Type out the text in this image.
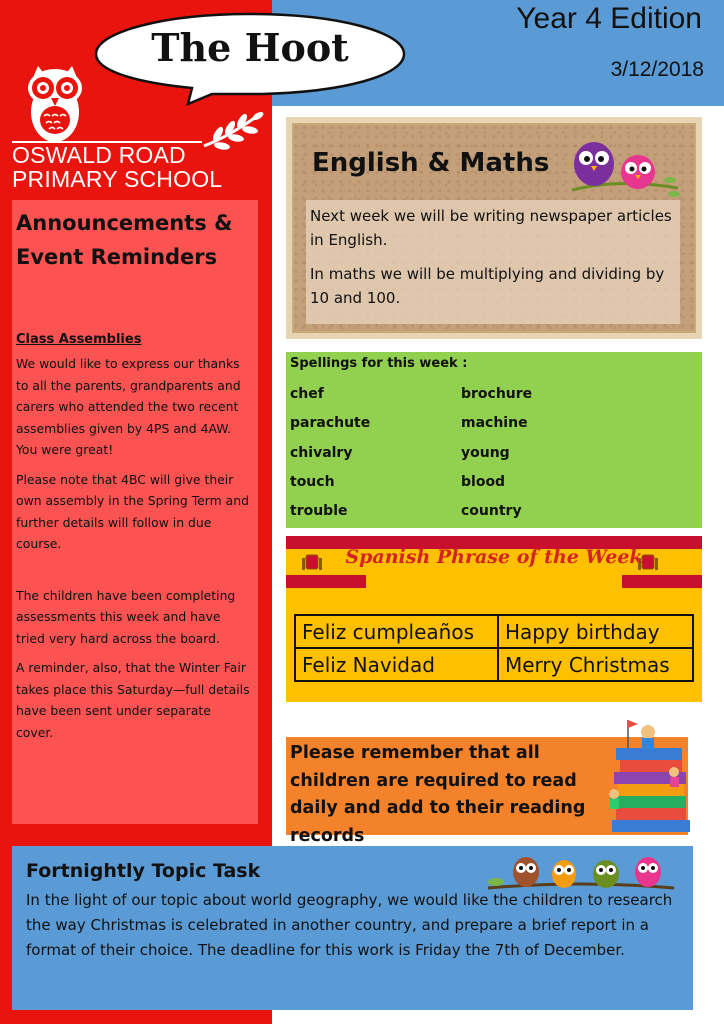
The Hoot
Year 4 Edition
3/12/2018
OSWALD ROAD
PRIMARY SCHOOL
Announcements & Event Reminders
Class Assemblies

We would like to express our thanks to all the parents, grandparents and carers who attended the two recent assemblies given by 4PS and 4AW. You were great!

Please note that 4BC will give their own assembly in the Spring Term and further details will follow in due course.

The children have been completing assessments this week and have tried very hard across the board.

A reminder, also, that the Winter Fair takes place this Saturday—full details have been sent under separate cover.

English & Maths

Next week we will be writing newspaper articles in English.

In maths we will be multiplying and dividing by 10 and 100.

Spellings for this week :
chef	brochure
parachute	machine
chivalry	young
touch	blood
trouble	country
Spanish Phrase of the Week
Feliz cumpleaños	Happy birthday
Feliz Navidad	Merry Christmas

Please remember that all children are required to read daily and add to their reading records

Fortnightly Topic Task

In the light of our topic about world geography, we would like the children to research the way Christmas is celebrated in another country, and prepare a brief report in a format of their choice. The deadline for this work is Friday the 7th of December.
